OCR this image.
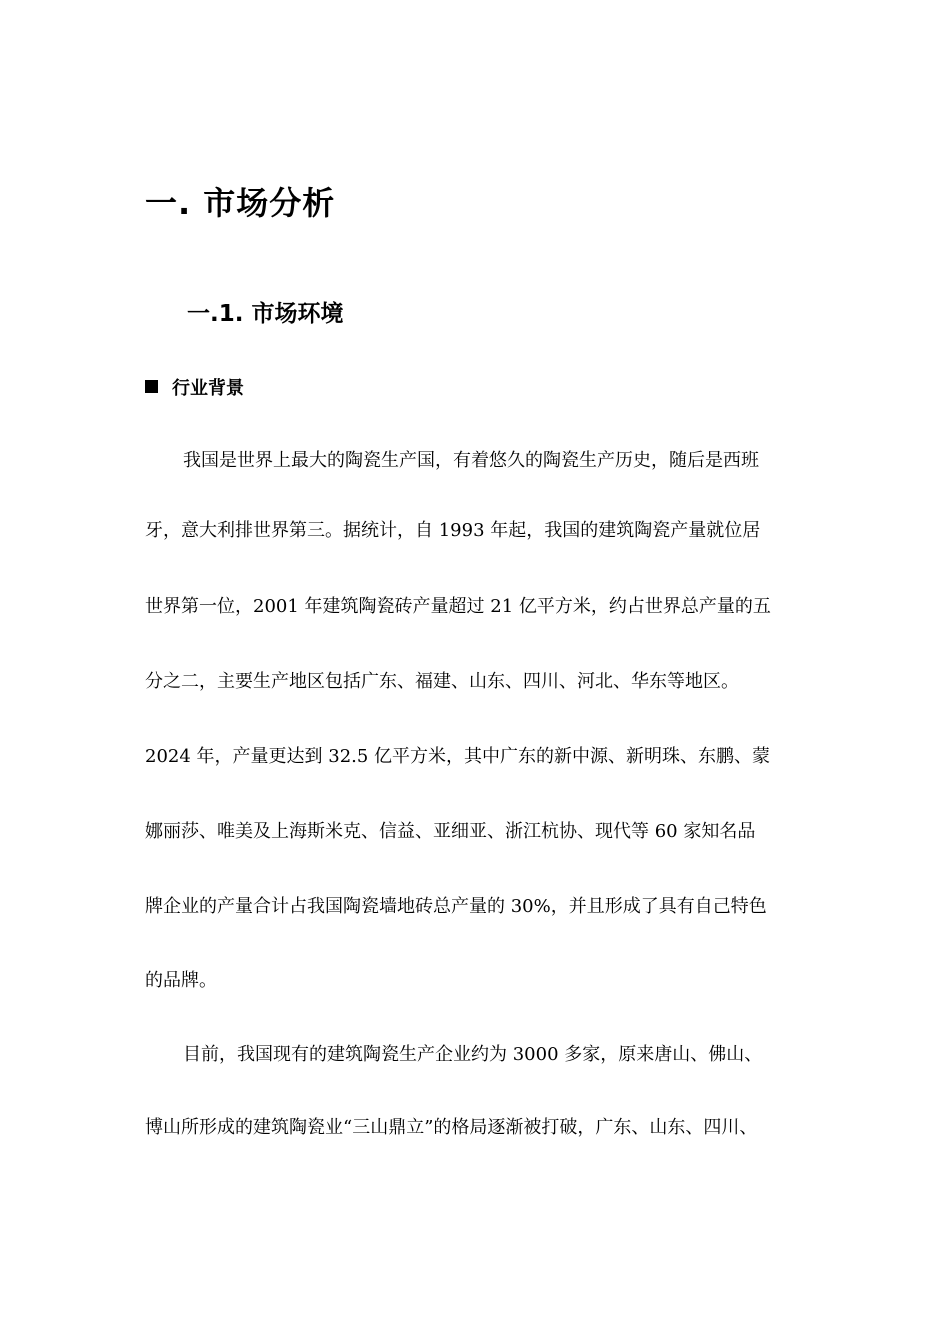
一. 市场分析
一.1. 市场环境
行业背景
我国是世界上最大的陶瓷生产国，有着悠久的陶瓷生产历史，随后是西班
牙，意大利排世界第三。据统计，自 1993 年起，我国的建筑陶瓷产量就位居
世界第一位，2001 年建筑陶瓷砖产量超过 21 亿平方米，约占世界总产量的五
分之二，主要生产地区包括广东、福建、山东、四川、河北、华东等地区。
2024 年，产量更达到 32.5 亿平方米，其中广东的新中源、新明珠、东鹏、蒙
娜丽莎、唯美及上海斯米克、信益、亚细亚、浙江杭协、现代等 60 家知名品
牌企业的产量合计占我国陶瓷墙地砖总产量的 30%，并且形成了具有自己特色
的品牌。
目前，我国现有的建筑陶瓷生产企业约为 3000 多家，原来唐山、佛山、
博山所形成的建筑陶瓷业“三山鼎立”的格局逐渐被打破，广东、山东、四川、
